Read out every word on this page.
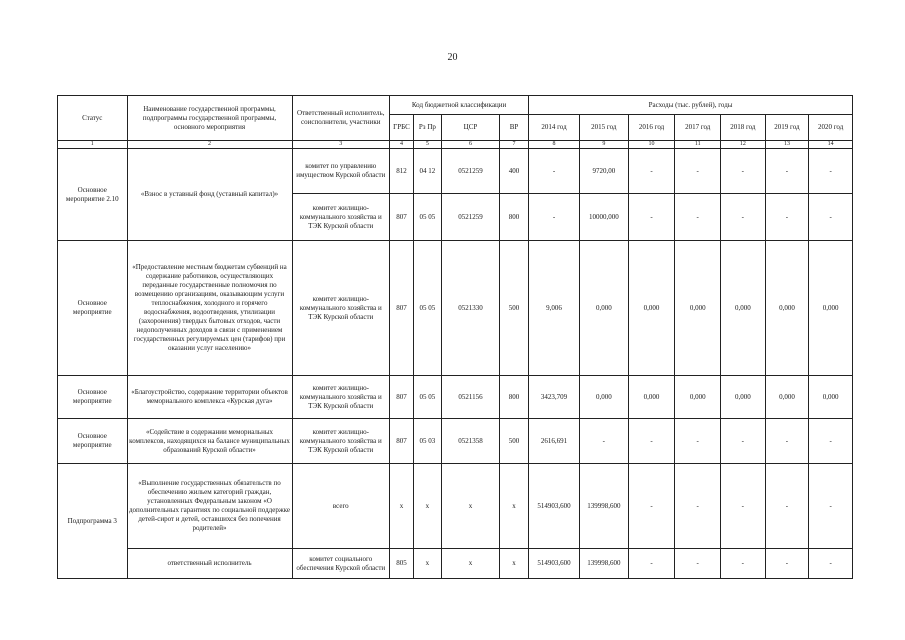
20
Статус	Наименование государственной программы, подпрограммы государственной программы, основного мероприятия	Ответственный исполнитель, соисполнители, участники	Код бюджетной классификации				Расходы (тыс. рублей), годы						
			ГРБС	Рз Пр	ЦСР	ВР	2014 год	2015 год	2016 год	2017 год	2018 год	2019 год	2020 год
1	2	3	4	5	6	7	8	9	10	11	12	13	14
Основное мероприятие 2.10	«Взнос в уставный фонд (уставный капитал)»	комитет по управлению имуществом Курской области	812	04 12	0521259	400	-	9720,00	-	-	-	-	-
		комитет жилищно-коммунального хозяйства и ТЭК Курской области	807	05 05	0521259	800	-	10000,000	-	-	-	-	-
Основное мероприятие	«Предоставление местным бюджетам субвенций на содержание работников, осуществляющих переданные государственные полномочия по возмещению организациям, оказывающим услуги теплоснабжения, холодного и горячего водоснабжения, водоотведения, утилизации (захоронения) твердых бытовых отходов, части недополученных доходов в связи с применением государственных регулируемых цен (тарифов) при оказании услуг населению»	комитет жилищно-коммунального хозяйства и ТЭК Курской области	807	05 05	0521330	500	9,006	0,000	0,000	0,000	0,000	0,000	0,000
Основное мероприятие	«Благоустройство, содержание территории объектов мемориального комплекса «Курская дуга»	комитет жилищно-коммунального хозяйства и ТЭК Курской области	807	05 05	0521156	800	3423,709	0,000	0,000	0,000	0,000	0,000	0,000
Основное мероприятие	«Содействие в содержании мемориальных комплексов, находящихся на балансе муниципальных образований Курской области»	комитет жилищно-коммунального хозяйства и ТЭК Курской области	807	05 03	0521358	500	2616,691	-	-	-	-	-	-
Подпрограмма 3	«Выполнение государственных обязательств по обеспечению жильем категорий граждан, установленных Федеральным законом «О дополнительных гарантиях по социальной поддержке детей-сирот и детей, оставшихся без попечения родителей»	всего	х	х	х	х	514903,600	139998,600	-	-	-	-	-
	ответственный исполнитель	комитет социального обеспечения Курской области	805	х	х	х	514903,600	139998,600	-	-	-	-	-
